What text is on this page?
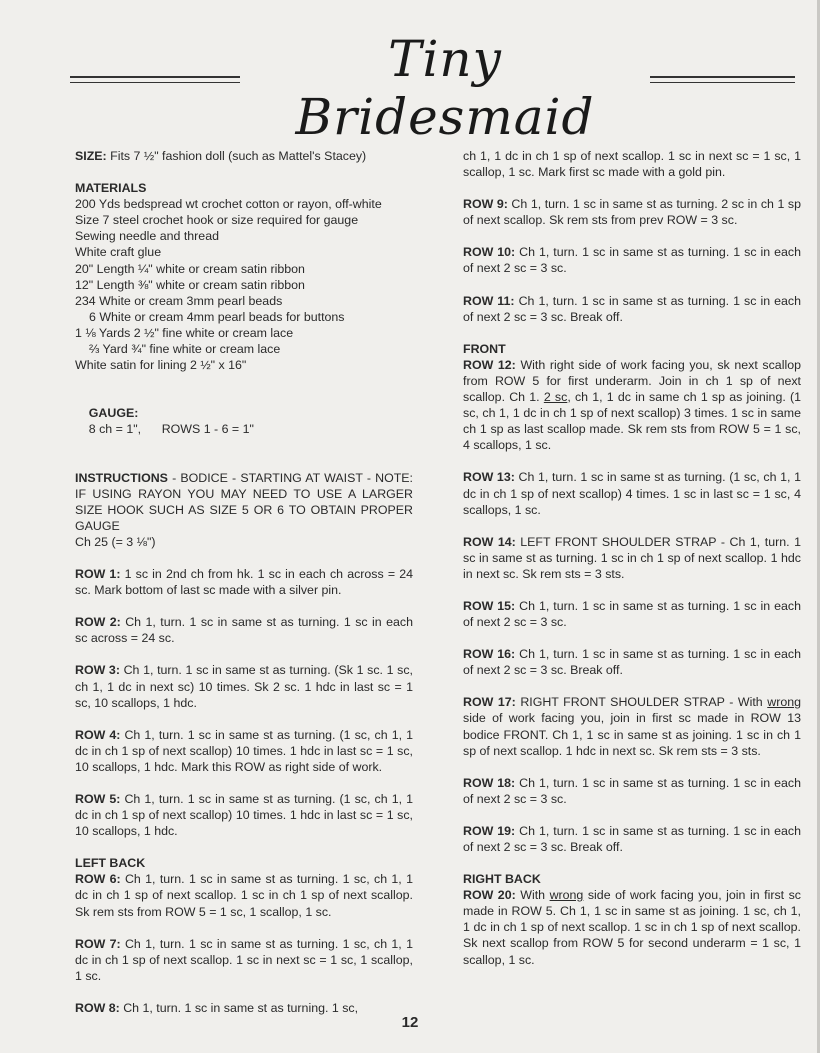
Tiny Bridesmaid

SIZE: Fits 7 ½" fashion doll (such as Mattel's Stacey)

MATERIALS
200 Yds bedspread wt crochet cotton or rayon, off-white
Size 7 steel crochet hook or size required for gauge
Sewing needle and thread
White craft glue
20" Length ¼" white or cream satin ribbon
12" Length ⅜" white or cream satin ribbon
234 White or cream 3mm pearl beads
6 White or cream 4mm pearl beads for buttons
1 ⅛ Yards 2 ½" fine white or cream lace
⅔ Yard ¾" fine white or cream lace
White satin for lining 2 ½" x 16"

GAUGE:
8 ch = 1",      ROWS 1 - 6 = 1"

INSTRUCTIONS - BODICE - STARTING AT WAIST - NOTE: IF USING RAYON YOU MAY NEED TO USE A LARGER SIZE HOOK SUCH AS SIZE 5 OR 6 TO OBTAIN PROPER GAUGE
Ch 25 (= 3 ⅛")

ROW 1: 1 sc in 2nd ch from hk. 1 sc in each ch across = 24 sc. Mark bottom of last sc made with a silver pin.

ROW 2: Ch 1, turn. 1 sc in same st as turning. 1 sc in each sc across = 24 sc.

ROW 3: Ch 1, turn. 1 sc in same st as turning. (Sk 1 sc. 1 sc, ch 1, 1 dc in next sc) 10 times. Sk 2 sc. 1 hdc in last sc = 1 sc, 10 scallops, 1 hdc.

ROW 4: Ch 1, turn. 1 sc in same st as turning. (1 sc, ch 1, 1 dc in ch 1 sp of next scallop) 10 times. 1 hdc in last sc = 1 sc, 10 scallops, 1 hdc. Mark this ROW as right side of work.

ROW 5: Ch 1, turn. 1 sc in same st as turning. (1 sc, ch 1, 1 dc in ch 1 sp of next scallop) 10 times. 1 hdc in last sc = 1 sc, 10 scallops, 1 hdc.

LEFT BACK
ROW 6: Ch 1, turn. 1 sc in same st as turning. 1 sc, ch 1, 1 dc in ch 1 sp of next scallop. 1 sc in ch 1 sp of next scallop. Sk rem sts from ROW 5 = 1 sc, 1 scallop, 1 sc.

ROW 7: Ch 1, turn. 1 sc in same st as turning. 1 sc, ch 1, 1 dc in ch 1 sp of next scallop. 1 sc in next sc = 1 sc, 1 scallop, 1 sc.

ROW 8: Ch 1, turn. 1 sc in same st as turning. 1 sc,

ch 1, 1 dc in ch 1 sp of next scallop. 1 sc in next sc = 1 sc, 1 scallop, 1 sc. Mark first sc made with a gold pin.

ROW 9: Ch 1, turn. 1 sc in same st as turning. 2 sc in ch 1 sp of next scallop. Sk rem sts from prev ROW = 3 sc.

ROW 10: Ch 1, turn. 1 sc in same st as turning. 1 sc in each of next 2 sc = 3 sc.

ROW 11: Ch 1, turn. 1 sc in same st as turning. 1 sc in each of next 2 sc = 3 sc. Break off.

FRONT
ROW 12: With right side of work facing you, sk next scallop from ROW 5 for first underarm. Join in ch 1 sp of next scallop. Ch 1. 2 sc, ch 1, 1 dc in same ch 1 sp as joining. (1 sc, ch 1, 1 dc in ch 1 sp of next scallop) 3 times. 1 sc in same ch 1 sp as last scallop made. Sk rem sts from ROW 5 = 1 sc, 4 scallops, 1 sc.

ROW 13: Ch 1, turn. 1 sc in same st as turning. (1 sc, ch 1, 1 dc in ch 1 sp of next scallop) 4 times. 1 sc in last sc = 1 sc, 4 scallops, 1 sc.

ROW 14: LEFT FRONT SHOULDER STRAP - Ch 1, turn. 1 sc in same st as turning. 1 sc in ch 1 sp of next scallop. 1 hdc in next sc. Sk rem sts = 3 sts.

ROW 15: Ch 1, turn. 1 sc in same st as turning. 1 sc in each of next 2 sc = 3 sc.

ROW 16: Ch 1, turn. 1 sc in same st as turning. 1 sc in each of next 2 sc = 3 sc. Break off.

ROW 17: RIGHT FRONT SHOULDER STRAP - With wrong side of work facing you, join in first sc made in ROW 13 bodice FRONT. Ch 1, 1 sc in same st as joining. 1 sc in ch 1 sp of next scallop. 1 hdc in next sc. Sk rem sts = 3 sts.

ROW 18: Ch 1, turn. 1 sc in same st as turning. 1 sc in each of next 2 sc = 3 sc.

ROW 19: Ch 1, turn. 1 sc in same st as turning. 1 sc in each of next 2 sc = 3 sc. Break off.

RIGHT BACK
ROW 20: With wrong side of work facing you, join in first sc made in ROW 5. Ch 1, 1 sc in same st as joining. 1 sc, ch 1, 1 dc in ch 1 sp of next scallop. 1 sc in ch 1 sp of next scallop. Sk next scallop from ROW 5 for second underarm = 1 sc, 1 scallop, 1 sc.

12
